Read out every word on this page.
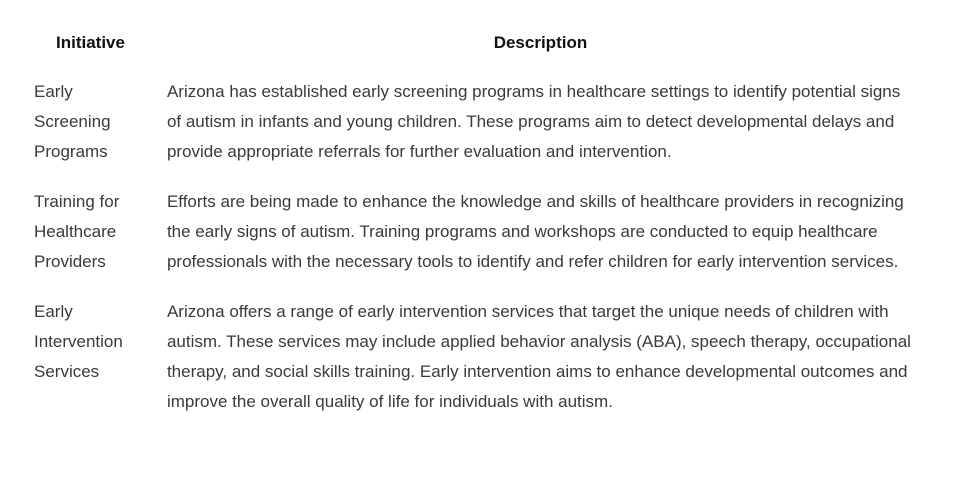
Initiative	Description
Early Screening Programs	Arizona has established early screening programs in healthcare settings to identify potential signs of autism in infants and young children. These programs aim to detect developmental delays and provide appropriate referrals for further evaluation and intervention.
Training for Healthcare Providers	Efforts are being made to enhance the knowledge and skills of healthcare providers in recognizing the early signs of autism. Training programs and workshops are conducted to equip healthcare professionals with the necessary tools to identify and refer children for early intervention services.
Early Intervention Services	Arizona offers a range of early intervention services that target the unique needs of children with autism. These services may include applied behavior analysis (ABA), speech therapy, occupational therapy, and social skills training. Early intervention aims to enhance developmental outcomes and improve the overall quality of life for individuals with autism.
